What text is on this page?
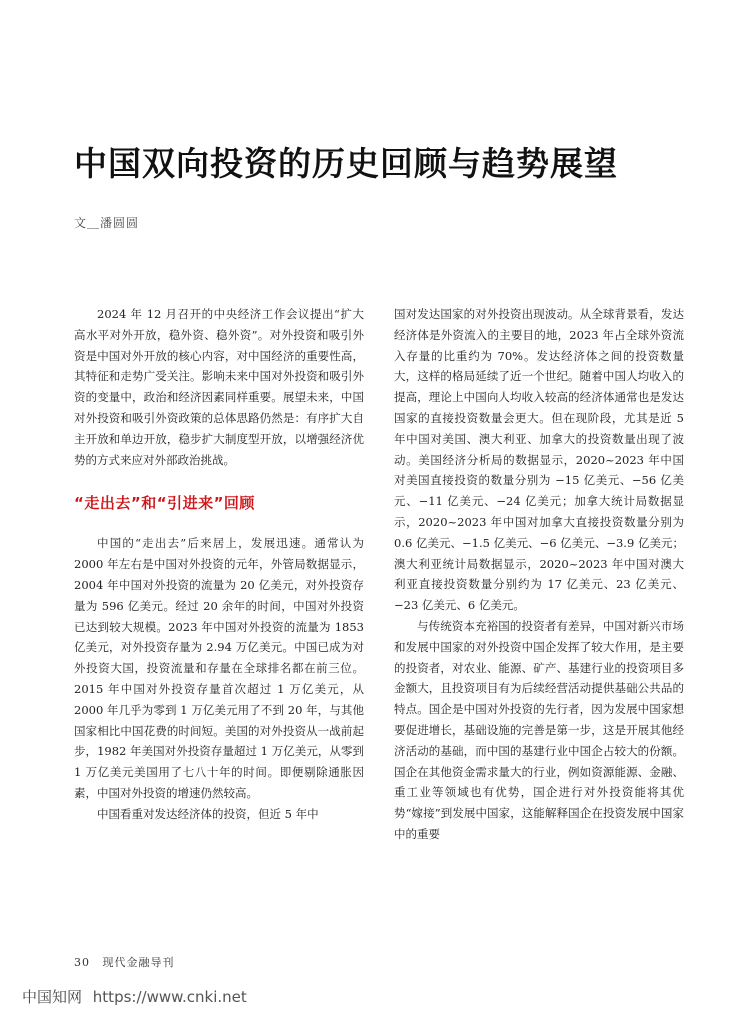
中国双向投资的历史回顾与趋势展望
文＿潘圆圆

2024 年 12 月召开的中央经济工作会议提出“扩大高水平对外开放，稳外资、稳外资”。对外投资和吸引外资是中国对外开放的核心内容，对中国经济的重要性高，其特征和走势广受关注。影响未来中国对外投资和吸引外资的变量中，政治和经济因素同样重要。展望未来，中国对外投资和吸引外资政策的总体思路仍然是：有序扩大自主开放和单边开放，稳步扩大制度型开放，以增强经济优势的方式来应对外部政治挑战。

“走出去”和“引进来”回顾

中国的“走出去”后来居上，发展迅速。通常认为 2000 年左右是中国对外投资的元年，外管局数据显示，2004 年中国对外投资的流量为 20 亿美元，对外投资存量为 596 亿美元。经过 20 余年的时间，中国对外投资已达到较大规模。2023 年中国对外投资的流量为 1853 亿美元，对外投资存量为 2.94 万亿美元。中国已成为对外投资大国，投资流量和存量在全球排名都在前三位。2015 年中国对外投资存量首次超过 1 万亿美元，从 2000 年几乎为零到 1 万亿美元用了不到 20 年，与其他国家相比中国花费的时间短。美国的对外投资从一战前起步，1982 年美国对外投资存量超过 1 万亿美元，从零到 1 万亿美元美国用了七八十年的时间。即便剔除通胀因素，中国对外投资的增速仍然较高。

中国看重对发达经济体的投资，但近 5 年中

国对发达国家的对外投资出现波动。从全球背景看，发达经济体是外资流入的主要目的地，2023 年占全球外资流入存量的比重约为 70%。发达经济体之间的投资数量大，这样的格局延续了近一个世纪。随着中国人均收入的提高，理论上中国向人均收入较高的经济体通常也是发达国家的直接投资数量会更大。但在现阶段，尤其是近 5 年中国对美国、澳大利亚、加拿大的投资数量出现了波动。美国经济分析局的数据显示，2020~2023 年中国对美国直接投资的数量分别为 −15 亿美元、−56 亿美元、−11 亿美元、−24 亿美元；加拿大统计局数据显示，2020~2023 年中国对加拿大直接投资数量分别为 0.6 亿美元、−1.5 亿美元、−6 亿美元、−3.9 亿美元；澳大利亚统计局数据显示，2020~2023 年中国对澳大利亚直接投资数量分别约为 17 亿美元、23 亿美元、−23 亿美元、6 亿美元。

与传统资本充裕国的投资者有差异，中国对新兴市场和发展中国家的对外投资中国企发挥了较大作用，是主要的投资者，对农业、能源、矿产、基建行业的投资项目多金额大，且投资项目有为后续经营活动提供基础公共品的特点。国企是中国对外投资的先行者，因为发展中国家想要促进增长，基础设施的完善是第一步，这是开展其他经济活动的基础，而中国的基建行业中国企占较大的份额。国企在其他资金需求量大的行业，例如资源能源、金融、重工业等领域也有优势，国企进行对外投资能将其优势“嫁接”到发展中国家，这能解释国企在投资发展中国家中的重要

30 现代金融导刊
中国知网 https://www.cnki.net
